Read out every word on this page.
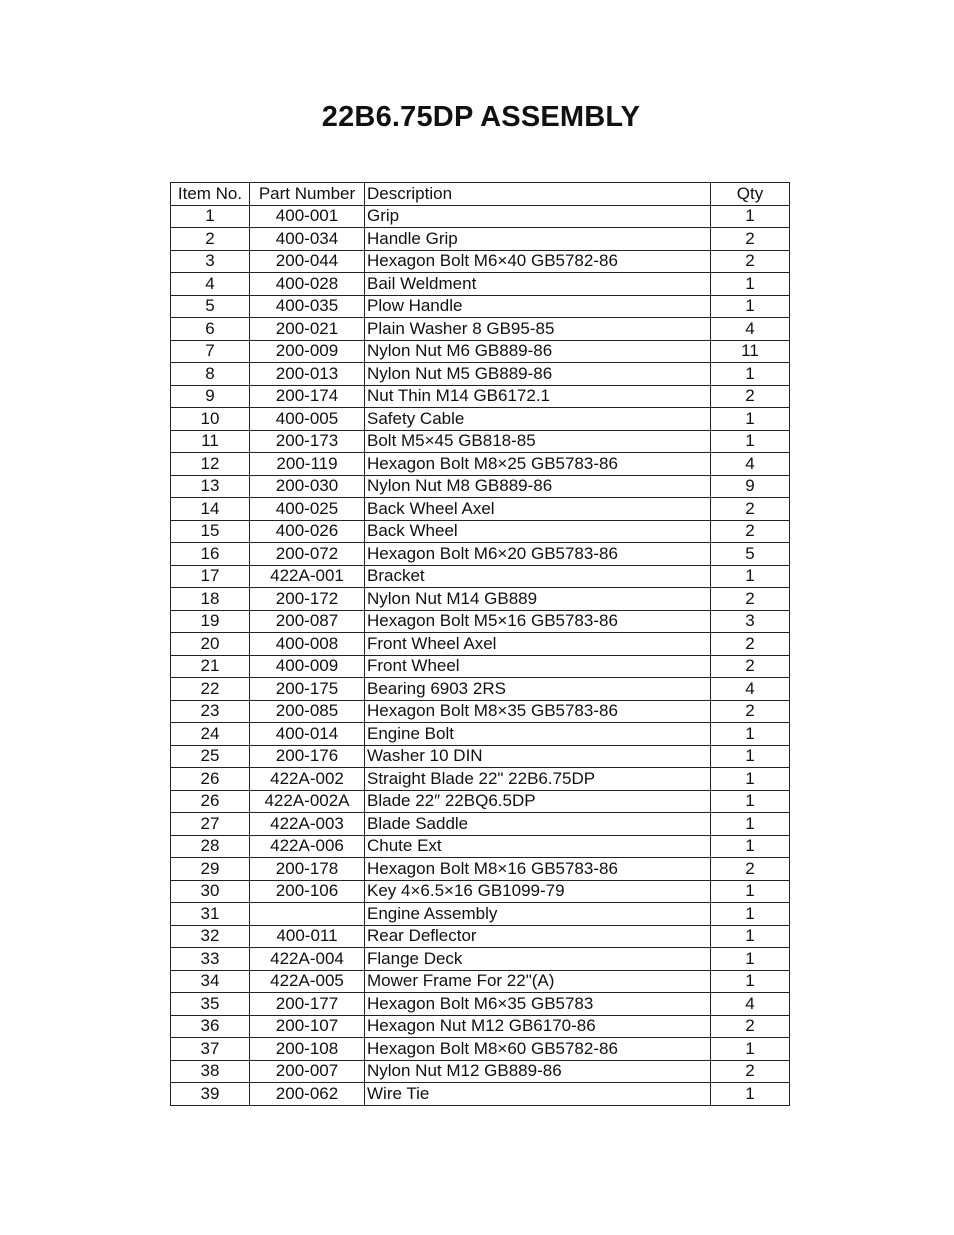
22B6.75DP ASSEMBLY
Item No.	Part Number	Description	Qty
1	400-001	Grip	1
2	400-034	Handle Grip	2
3	200-044	Hexagon Bolt M6×40 GB5782-86	2
4	400-028	Bail Weldment	1
5	400-035	Plow Handle	1
6	200-021	Plain Washer 8 GB95-85	4
7	200-009	Nylon Nut M6 GB889-86	11
8	200-013	Nylon Nut M5 GB889-86	1
9	200-174	Nut Thin M14 GB6172.1	2
10	400-005	Safety Cable	1
11	200-173	Bolt M5×45 GB818-85	1
12	200-119	Hexagon Bolt M8×25 GB5783-86	4
13	200-030	Nylon Nut M8 GB889-86	9
14	400-025	Back Wheel Axel	2
15	400-026	Back Wheel	2
16	200-072	Hexagon Bolt M6×20 GB5783-86	5
17	422A-001	Bracket	1
18	200-172	Nylon Nut M14 GB889	2
19	200-087	Hexagon Bolt M5×16 GB5783-86	3
20	400-008	Front Wheel Axel	2
21	400-009	Front Wheel	2
22	200-175	Bearing 6903 2RS	4
23	200-085	Hexagon Bolt M8×35 GB5783-86	2
24	400-014	Engine Bolt	1
25	200-176	Washer 10 DIN	1
26	422A-002	Straight Blade 22" 22B6.75DP	1
26	422A-002A	Blade 22″ 22BQ6.5DP	1
27	422A-003	Blade Saddle	1
28	422A-006	Chute Ext	1
29	200-178	Hexagon Bolt M8×16 GB5783-86	2
30	200-106	Key 4×6.5×16 GB1099-79	1
31		Engine Assembly	1
32	400-011	Rear Deflector	1
33	422A-004	Flange Deck	1
34	422A-005	Mower Frame For 22"(A)	1
35	200-177	Hexagon Bolt M6×35 GB5783	4
36	200-107	Hexagon Nut M12 GB6170-86	2
37	200-108	Hexagon Bolt M8×60 GB5782-86	1
38	200-007	Nylon Nut M12 GB889-86	2
39	200-062	Wire Tie	1
